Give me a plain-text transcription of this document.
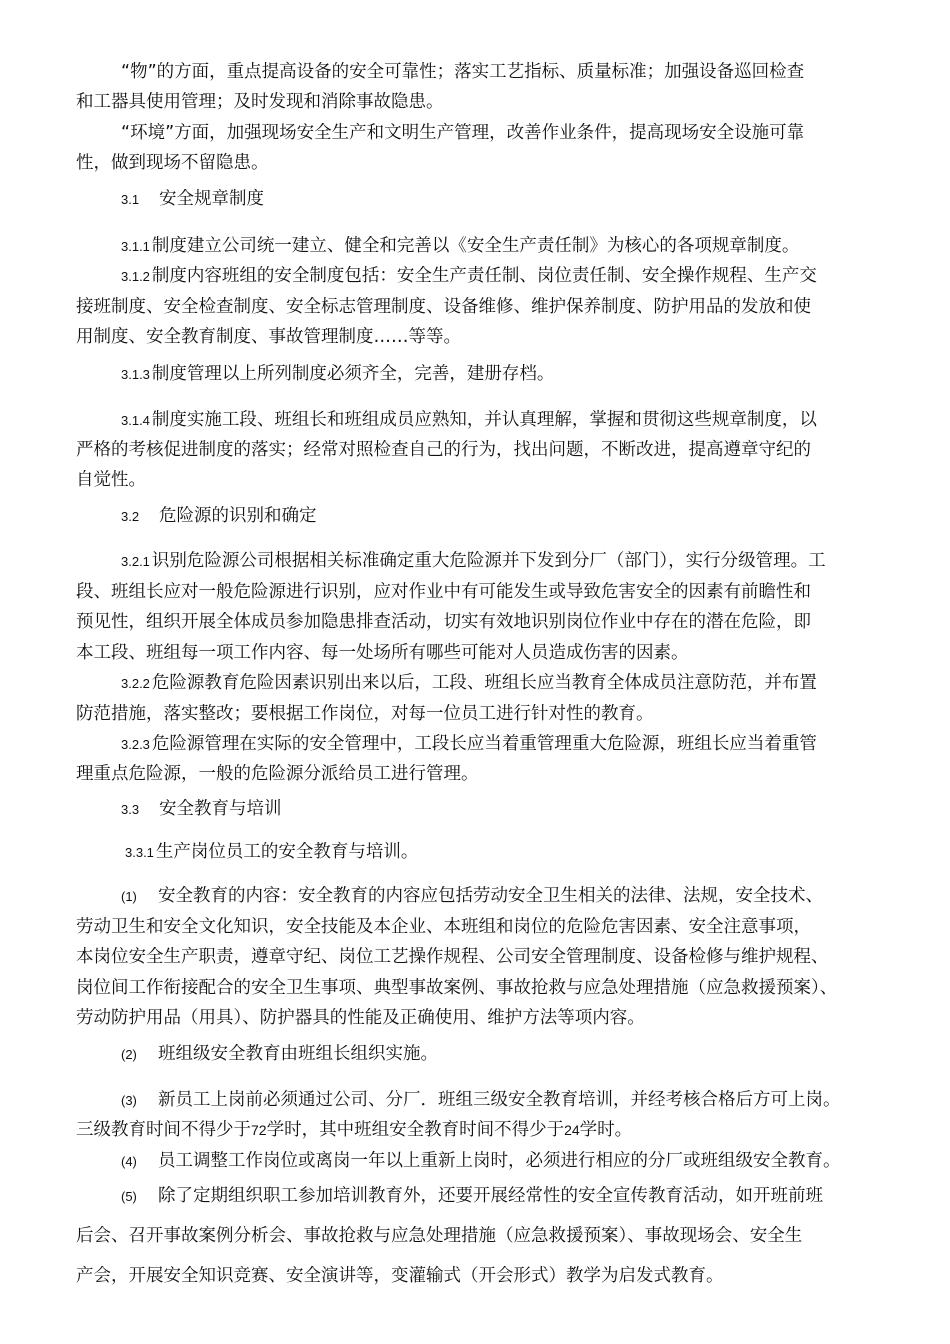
“物”的方面，重点提高设备的安全可靠性；落实工艺指标、质量标准；加强设备巡回检查
和工器具使用管理；及时发现和消除事故隐患。
“环境”方面，加强现场安全生产和文明生产管理，改善作业条件，提高现场安全设施可靠
性，做到现场不留隐患。
3.1 安全规章制度
3.1.1 制度建立公司统一建立、健全和完善以《安全生产责任制》为核心的各项规章制度。
3.1.2 制度内容班组的安全制度包括：安全生产责任制、岗位责任制、安全操作规程、生产交
接班制度、安全检查制度、安全标志管理制度、设备维修、维护保养制度、防护用品的发放和使
用制度、安全教育制度、事故管理制度……等等。
3.1.3 制度管理以上所列制度必须齐全，完善，建册存档。
3.1.4 制度实施工段、班组长和班组成员应熟知，并认真理解，掌握和贯彻这些规章制度，以
严格的考核促进制度的落实；经常对照检查自己的行为，找出问题，不断改进，提高遵章守纪的
自觉性。
3.2 危险源的识别和确定
3.2.1 识别危险源公司根据相关标准确定重大危险源并下发到分厂（部门），实行分级管理。工
段、班组长应对一般危险源进行识别，应对作业中有可能发生或导致危害安全的因素有前瞻性和
预见性，组织开展全体成员参加隐患排查活动，切实有效地识别岗位作业中存在的潜在危险，即
本工段、班组每一项工作内容、每一处场所有哪些可能对人员造成伤害的因素。
3.2.2 危险源教育危险因素识别出来以后，工段、班组长应当教育全体成员注意防范，并布置
防范措施，落实整改；要根据工作岗位，对每一位员工进行针对性的教育。
3.2.3 危险源管理在实际的安全管理中，工段长应当着重管理重大危险源，班组长应当着重管
理重点危险源，一般的危险源分派给员工进行管理。
3.3 安全教育与培训
3.3.1 生产岗位员工的安全教育与培训。
(1) 安全教育的内容：安全教育的内容应包括劳动安全卫生相关的法律、法规，安全技术、
劳动卫生和安全文化知识，安全技能及本企业、本班组和岗位的危险危害因素、安全注意事项，
本岗位安全生产职责，遵章守纪、岗位工艺操作规程、公司安全管理制度、设备检修与维护规程、
岗位间工作衔接配合的安全卫生事项、典型事故案例、事故抢救与应急处理措施（应急救援预案）、
劳动防护用品（用具）、防护器具的性能及正确使用、维护方法等项内容。
(2) 班组级安全教育由班组长组织实施。
(3) 新员工上岗前必须通过公司、分厂．班组三级安全教育培训，并经考核合格后方可上岗。
三级教育时间不得少于72学时，其中班组安全教育时间不得少于24学时。
(4) 员工调整工作岗位或离岗一年以上重新上岗时，必须进行相应的分厂或班组级安全教育。
(5) 除了定期组织职工参加培训教育外，还要开展经常性的安全宣传教育活动，如开班前班
后会、召开事故案例分析会、事故抢救与应急处理措施（应急救援预案）、事故现场会、安全生
产会，开展安全知识竞赛、安全演讲等，变灌输式（开会形式）教学为启发式教育。
